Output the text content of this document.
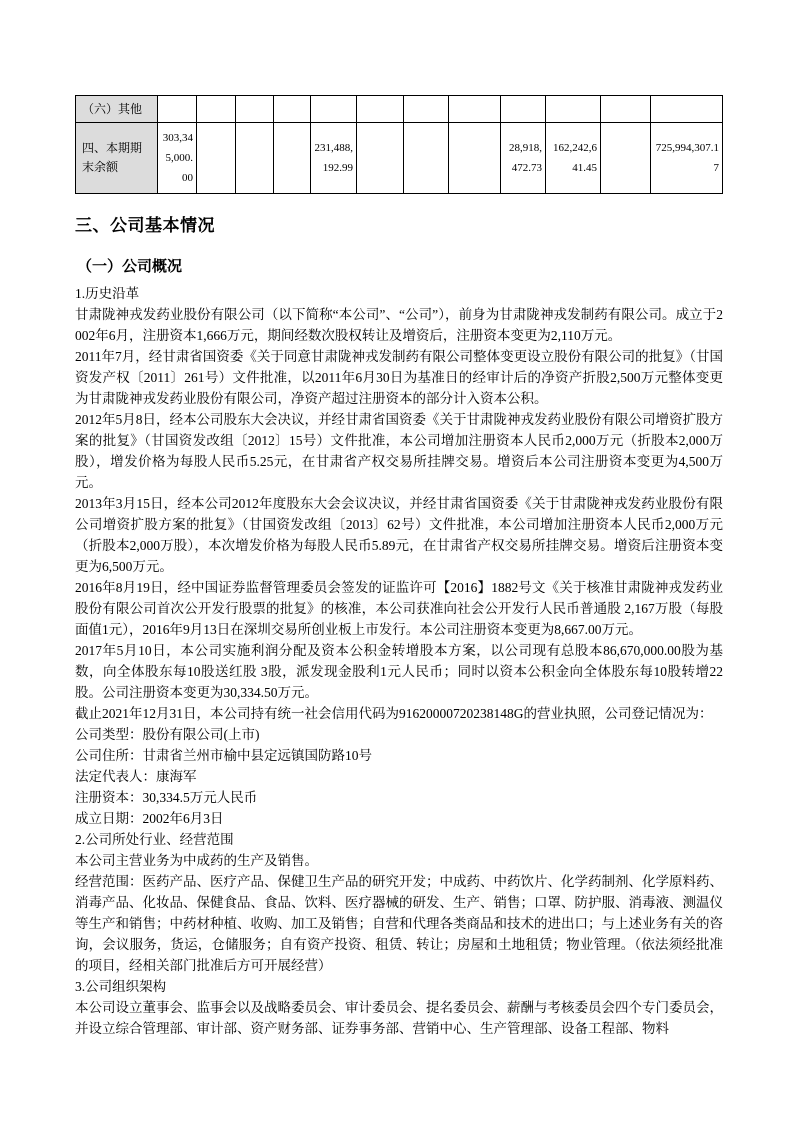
（六）其他												
四、本期期末余额	303,345,000.00				231,488,192.99				28,918,472.73	162,242,641.45		725,994,307.17
三、公司基本情况
（一）公司概况

1.历史沿革

甘肃陇神戎发药业股份有限公司（以下简称“本公司”、“公司”），前身为甘肃陇神戎发制药有限公司。成立于2002年6月，注册资本1,666万元，期间经数次股权转让及增资后，注册资本变更为2,110万元。

2011年7月，经甘肃省国资委《关于同意甘肃陇神戎发制药有限公司整体变更设立股份有限公司的批复》（甘国资发产权〔2011〕261号）文件批准，以2011年6月30日为基准日的经审计后的净资产折股2,500万元整体变更为甘肃陇神戎发药业股份有限公司，净资产超过注册资本的部分计入资本公积。

2012年5月8日，经本公司股东大会决议，并经甘肃省国资委《关于甘肃陇神戎发药业股份有限公司增资扩股方案的批复》（甘国资发改组〔2012〕15号）文件批准，本公司增加注册资本人民币2,000万元（折股本2,000万股），增发价格为每股人民币5.25元，在甘肃省产权交易所挂牌交易。增资后本公司注册资本变更为4,500万元。

2013年3月15日，经本公司2012年度股东大会会议决议，并经甘肃省国资委《关于甘肃陇神戎发药业股份有限公司增资扩股方案的批复》（甘国资发改组〔2013〕62号）文件批准，本公司增加注册资本人民币2,000万元（折股本2,000万股），本次增发价格为每股人民币5.89元，在甘肃省产权交易所挂牌交易。增资后注册资本变更为6,500万元。

2016年8月19日，经中国证券监督管理委员会签发的证监许可【2016】1882号文《关于核准甘肃陇神戎发药业股份有限公司首次公开发行股票的批复》的核准，本公司获准向社会公开发行人民币普通股 2,167万股（每股面值1元），2016年9月13日在深圳交易所创业板上市发行。本公司注册资本变更为8,667.00万元。

2017年5月10日，本公司实施利润分配及资本公积金转增股本方案，以公司现有总股本86,670,000.00股为基数，向全体股东每10股送红股 3股，派发现金股利1元人民币；同时以资本公积金向全体股东每10股转增22股。公司注册资本变更为30,334.50万元。

截止2021年12月31日，本公司持有统一社会信用代码为91620000720238148G的营业执照，公司登记情况为：

公司类型：股份有限公司(上市)

公司住所：甘肃省兰州市榆中县定远镇国防路10号

法定代表人：康海军

注册资本：30,334.5万元人民币

成立日期：2002年6月3日

2.公司所处行业、经营范围

本公司主营业务为中成药的生产及销售。

经营范围：医药产品、医疗产品、保健卫生产品的研究开发；中成药、中药饮片、化学药制剂、化学原料药、消毒产品、化妆品、保健食品、食品、饮料、医疗器械的研发、生产、销售；口罩、防护服、消毒液、测温仪等生产和销售；中药材种植、收购、加工及销售；自营和代理各类商品和技术的进出口；与上述业务有关的咨询，会议服务，货运，仓储服务；自有资产投资、租赁、转让；房屋和土地租赁；物业管理。（依法须经批准的项目，经相关部门批准后方可开展经营）

3.公司组织架构

本公司设立董事会、监事会以及战略委员会、审计委员会、提名委员会、薪酬与考核委员会四个专门委员会，并设立综合管理部、审计部、资产财务部、证券事务部、营销中心、生产管理部、设备工程部、物料
